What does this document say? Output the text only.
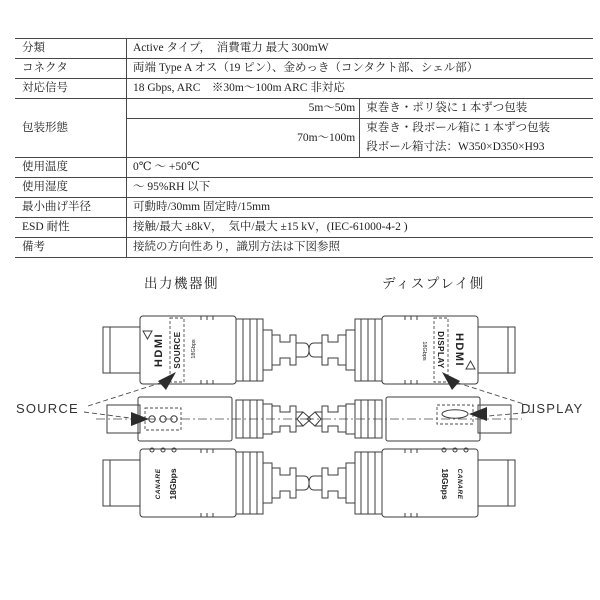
分類	Active タイプ，　消費電力 最大 300mW	
コネクタ	両端 Type A オス（19 ピン）、金めっき（コンタクト部、シェル部）	
対応信号	18 Gbps, ARC　※30m〜100m ARC 非対応	
包装形態	5m〜50m	束巻き・ポリ袋に 1 本ずつ包装
	70m〜100m	束巻き・段ボール箱に 1 本ずつ包装
		段ボール箱寸法：W350×D350×H93
使用温度	0℃ 〜 +50℃	
使用湿度	〜 95%RH 以下	
最小曲げ半径	可動時/30mm 固定時/15mm	
ESD 耐性	接触/最大 ±8kV，　気中/最大 ±15 kV，(IEC-61000-4-2 )	
備考	接続の方向性あり，識別方法は下図参照	
出力機器側	ディスプレイ側
SOURCE	DISPLAY
HDMI SOURCE 18Gbps
CANARE 18Gbps
HDMI
DISPLAY
18Gbps
CANARE
18Gbps
